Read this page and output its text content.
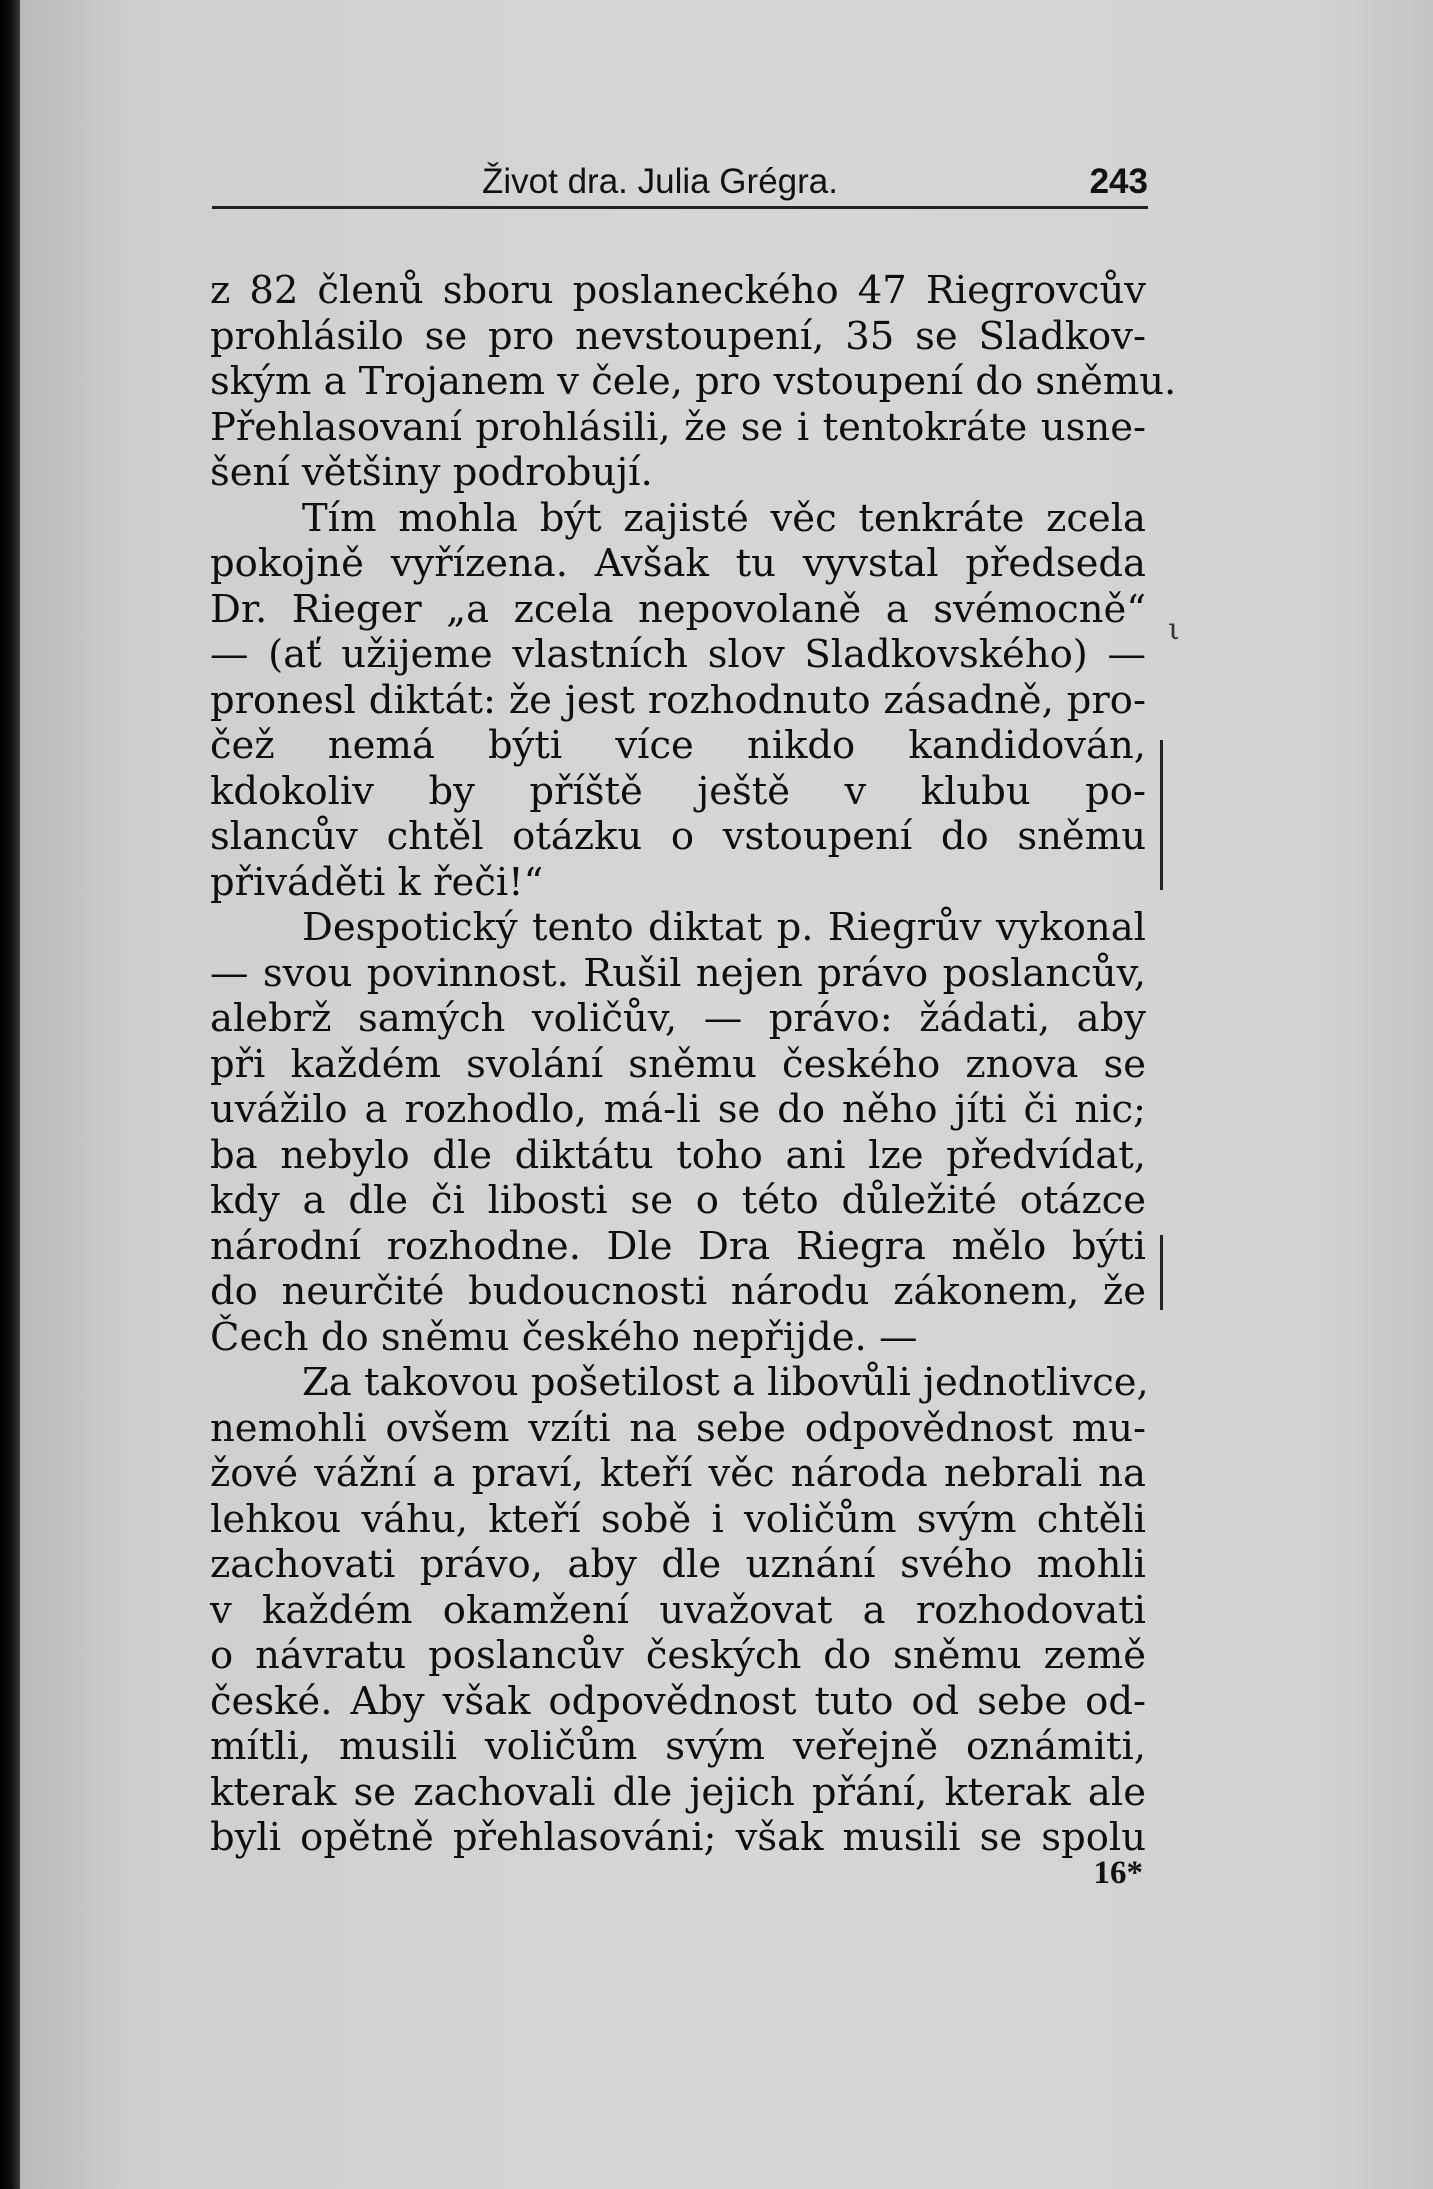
Život dra. Julia Grégra.	243
z 82 členů sboru poslaneckého 47 Riegrovcův
prohlásilo se pro nevstoupení, 35 se Sladkov-
ským a Trojanem v čele, pro vstoupení do sněmu.
Přehlasovaní prohlásili, že se i tentokráte usne-
šení většiny podrobují.
Tím mohla být zajisté věc tenkráte zcela
pokojně vyřízena. Avšak tu vyvstal předseda
Dr. Rieger „a zcela nepovolaně a svémocně“
— (ať užijeme vlastních slov Sladkovského) —
pronesl diktát: že jest rozhodnuto zásadně, pro-
čež nemá býti více nikdo kandidován,
kdokoliv by příště ještě v klubu po-
slancův chtěl otázku o vstoupení do sněmu
přiváděti k řeči!“
Despotický tento diktat p. Riegrův vykonal
— svou povinnost. Rušil nejen právo poslancův,
alebrž samých voličův, — právo: žádati, aby
při každém svolání sněmu českého znova se
uvážilo a rozhodlo, má-li se do něho jíti či nic;
ba nebylo dle diktátu toho ani lze předvídat,
kdy a dle či libosti se o této důležité otázce
národní rozhodne. Dle Dra Riegra mělo býti
do neurčité budoucnosti národu zákonem, že
Čech do sněmu českého nepřijde. —
Za takovou pošetilost a libovůli jednotlivce,
nemohli ovšem vzíti na sebe odpovědnost mu-
žové vážní a praví, kteří věc národa nebrali na
lehkou váhu, kteří sobě i voličům svým chtěli
zachovati právo, aby dle uznání svého mohli
v každém okamžení uvažovat a rozhodovati
o návratu poslancův českých do sněmu země
české. Aby však odpovědnost tuto od sebe od-
mítli, musili voličům svým veřejně oznámiti,
kterak se zachovali dle jejich přání, kterak ale
byli opětně přehlasováni; však musili se spolu
ι
16*
